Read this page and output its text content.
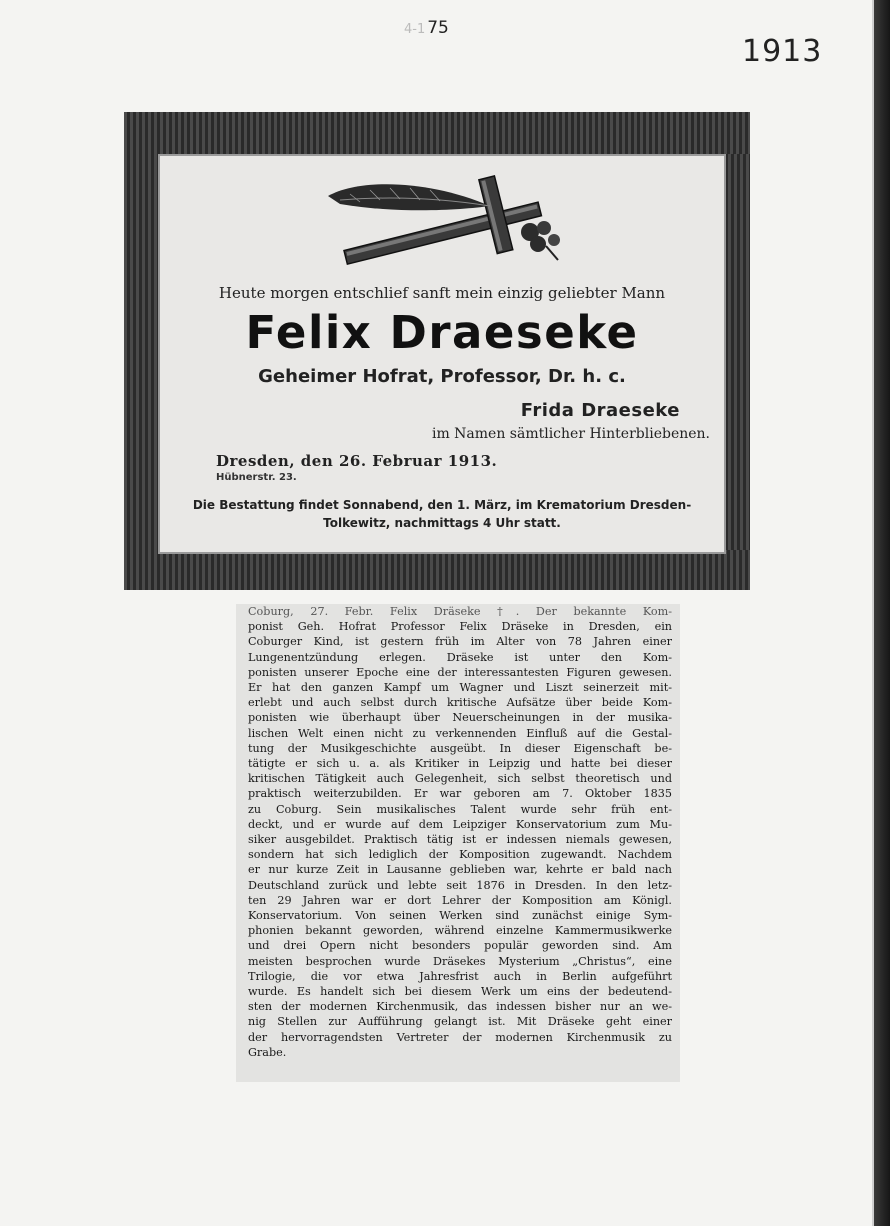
4-1 75
1913
Heute morgen entschlief sanft mein einzig geliebter Mann
Felix Draeseke
Geheimer Hofrat, Professor, Dr. h. c.
Frida Draeseke
im Namen sämtlicher Hinterbliebenen.
Dresden, den 26. Februar 1913.
Hübnerstr. 23.
Die Bestattung findet Sonnabend, den 1. März, im Krematorium Dresden-
Tolkewitz, nachmittags 4 Uhr statt.
Coburg, 27. Febr. Felix Dräseke †. Der bekannte Kom-
ponist Geh. Hofrat Professor Felix Dräseke in Dresden, ein
Coburger Kind, ist gestern früh im Alter von 78 Jahren einer
Lungenentzündung erlegen. Dräseke ist unter den Kom-
ponisten unserer Epoche eine der interessantesten Figuren gewesen.
Er hat den ganzen Kampf um Wagner und Liszt seinerzeit mit-
erlebt und auch selbst durch kritische Aufsätze über beide Kom-
ponisten wie überhaupt über Neuerscheinungen in der musika-
lischen Welt einen nicht zu verkennenden Einfluß auf die Gestal-
tung der Musikgeschichte ausgeübt. In dieser Eigenschaft be-
tätigte er sich u. a. als Kritiker in Leipzig und hatte bei dieser
kritischen Tätigkeit auch Gelegenheit, sich selbst theoretisch und
praktisch weiterzubilden. Er war geboren am 7. Oktober 1835
zu Coburg. Sein musikalisches Talent wurde sehr früh ent-
deckt, und er wurde auf dem Leipziger Konservatorium zum Mu-
siker ausgebildet. Praktisch tätig ist er indessen niemals gewesen,
sondern hat sich lediglich der Komposition zugewandt. Nachdem
er nur kurze Zeit in Lausanne geblieben war, kehrte er bald nach
Deutschland zurück und lebte seit 1876 in Dresden. In den letz-
ten 29 Jahren war er dort Lehrer der Komposition am Königl.
Konservatorium. Von seinen Werken sind zunächst einige Sym-
phonien bekannt geworden, während einzelne Kammermusikwerke
und drei Opern nicht besonders populär geworden sind. Am
meisten besprochen wurde Dräsekes Mysterium „Christus“, eine
Trilogie, die vor etwa Jahresfrist auch in Berlin aufgeführt
wurde. Es handelt sich bei diesem Werk um eins der bedeutend-
sten der modernen Kirchenmusik, das indessen bisher nur an we-
nig Stellen zur Aufführung gelangt ist. Mit Dräseke geht einer
der hervorragendsten Vertreter der modernen Kirchenmusik zu
Grabe.
